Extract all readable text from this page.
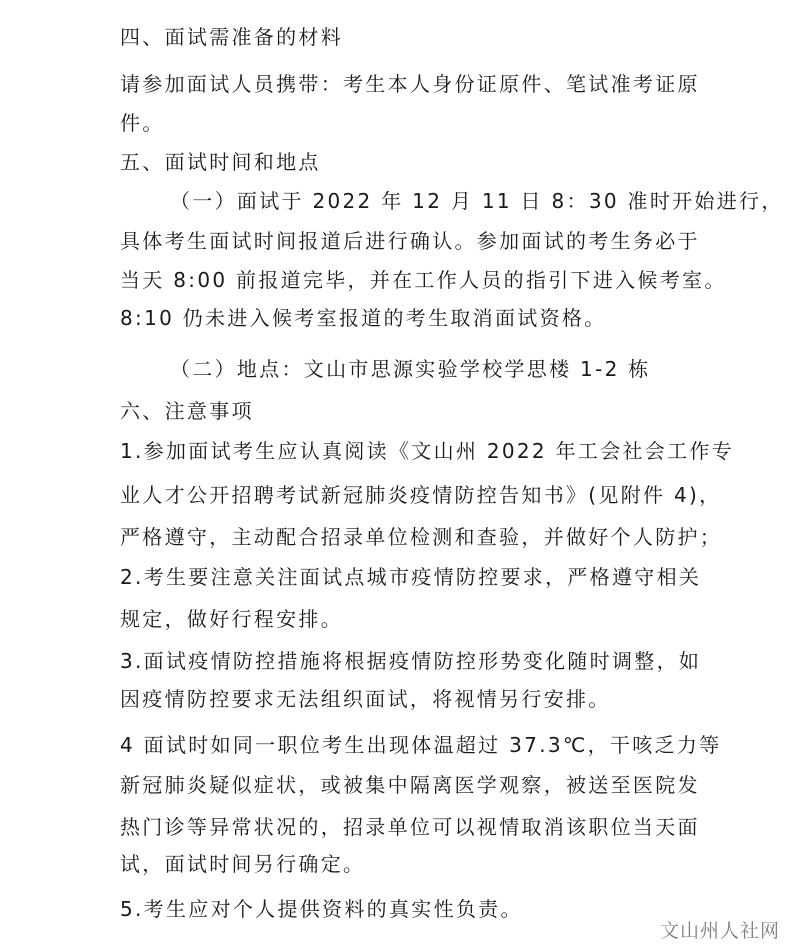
四、面试需准备的材料
请参加面试人员携带：考生本人身份证原件、笔试准考证原
件。
五、面试时间和地点
（一）面试于 2022 年 12 月 11 日 8：30 准时开始进行，
具体考生面试时间报道后进行确认。参加面试的考生务必于
当天 8:00 前报道完毕，并在工作人员的指引下进入候考室。
8:10 仍未进入候考室报道的考生取消面试资格。
（二）地点：文山市思源实验学校学思楼 1-2 栋
六、注意事项
1.参加面试考生应认真阅读《文山州 2022 年工会社会工作专
业人才公开招聘考试新冠肺炎疫情防控告知书》(见附件 4)，
严格遵守，主动配合招录单位检测和查验，并做好个人防护；
2.考生要注意关注面试点城市疫情防控要求，严格遵守相关
规定，做好行程安排。
3.面试疫情防控措施将根据疫情防控形势变化随时调整，如
因疫情防控要求无法组织面试，将视情另行安排。
4 面试时如同一职位考生出现体温超过 37.3℃，干咳乏力等
新冠肺炎疑似症状，或被集中隔离医学观察，被送至医院发
热门诊等异常状况的，招录单位可以视情取消该职位当天面
试，面试时间另行确定。
5.考生应对个人提供资料的真实性负责。
文山州人社网
